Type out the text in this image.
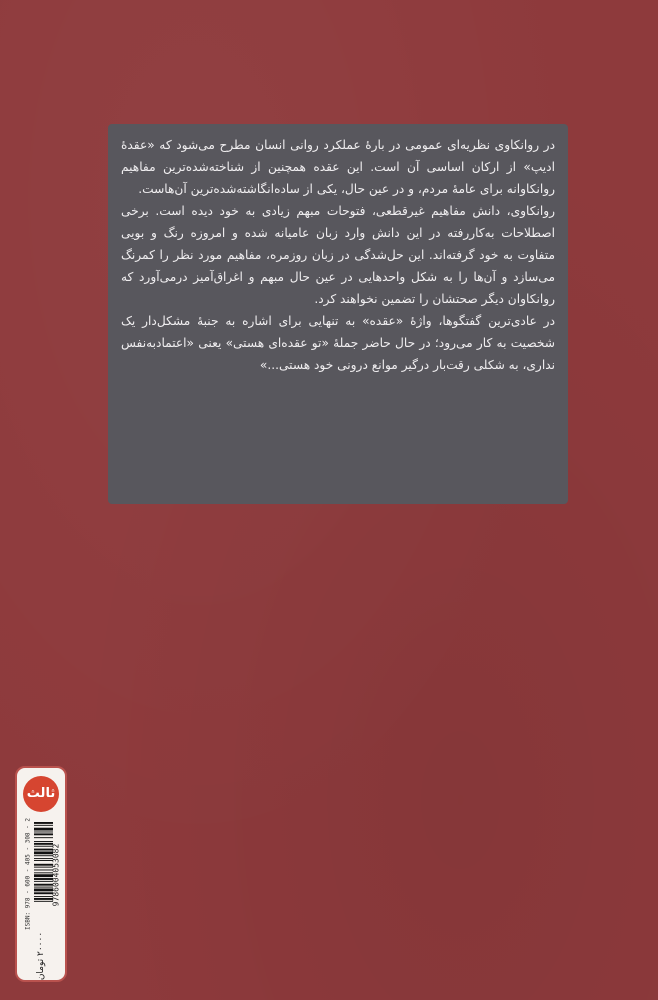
در روانکاوی نظریه‌ای عمومی در بارهٔ عملکرد روانی انسان مطرح می‌شود که «عقدهٔ ادیپ» از ارکان اساسی آن است. این عقده همچنین از شناخته‌شده‌ترین مفاهیم روانکاوانه برای عامهٔ مردم، و در عین حال، یکی از ساده‌انگاشته‌شده‌ترین آن‌هاست.

روانکاوی، دانش مفاهیم غیرقطعی، فتوحات مبهم زیادی به خود دیده است. برخی اصطلاحات به‌کاررفته در این دانش وارد زبان عامیانه شده و امروزه رنگ و بویی متفاوت به خود گرفته‌اند. این حل‌شدگی در زبان روزمره، مفاهیم مورد نظر را کمرنگ می‌سازد و آن‌ها را به شکل واحدهایی در عین حال مبهم و اغراق‌آمیز درمی‌آورد که روانکاوان دیگر صحتشان را تضمین نخواهند کرد.

در عادی‌ترین گفتگوها، واژهٔ «عقده» به تنهایی برای اشاره به جنبهٔ مشکل‌دار یک شخصیت به کار می‌رود؛ در حال حاضر جملهٔ «تو عقده‌ای هستی» یعنی «اعتمادبه‌نفس نداری، به شکلی رقت‌بار درگیر موانع درونی خود هستی...»

ثالث
ISBN: 978 - 600 - 405 - 308 - 2	9786004053082
۲۰۰۰۰ تومان
